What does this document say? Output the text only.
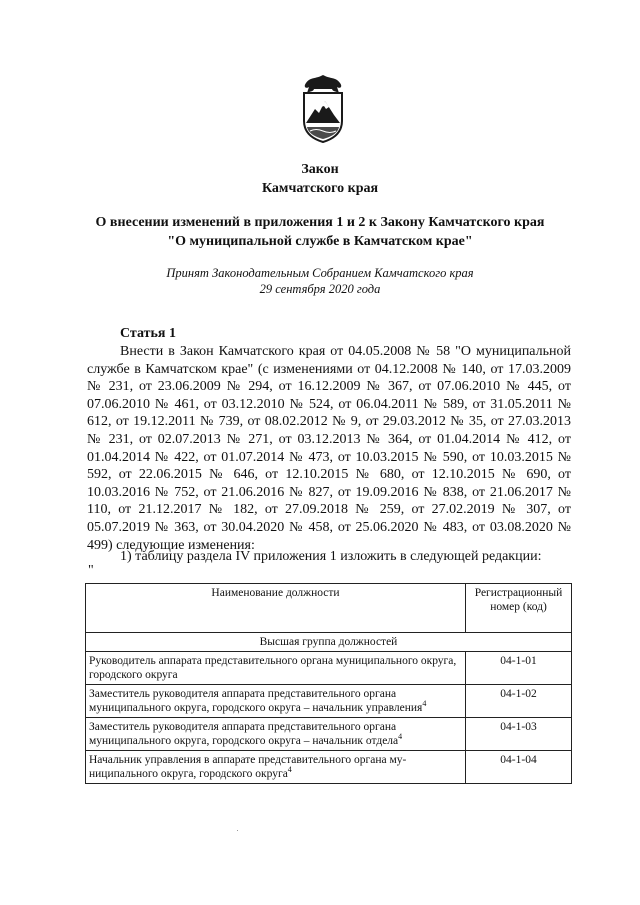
Закон
Камчатского края
О внесении изменений в приложения 1 и 2 к Закону Камчатского края
"О муниципальной службе в Камчатском крае"
Принят Законодательным Собранием Камчатского края
29 сентября 2020 года
Статья 1
Внести в Закон Камчатского края от 04.05.2008 № 58 "О муниципальной службе в Камчатском крае" (с изменениями от 04.12.2008 № 140, от 17.03.2009 № 231, от 23.06.2009 № 294, от 16.12.2009 № 367, от 07.06.2010 № 445, от 07.06.2010 № 461, от 03.12.2010 № 524, от 06.04.2011 № 589, от 31.05.2011 № 612, от 19.12.2011 № 739, от 08.02.2012 № 9, от 29.03.2012 № 35, от 27.03.2013 № 231, от 02.07.2013 № 271, от 03.12.2013 № 364, от 01.04.2014 № 412, от 01.04.2014 № 422, от 01.07.2014 № 473, от 10.03.2015 № 590, от 10.03.2015 № 592, от 22.06.2015 № 646, от 12.10.2015 № 680, от 12.10.2015 № 690, от 10.03.2016 № 752, от 21.06.2016 № 827, от 19.09.2016 № 838, от 21.06.2017 № 110, от 21.12.2017 № 182, от 27.09.2018 № 259, от 27.02.2019 № 307, от 05.07.2019 № 363, от 30.04.2020 № 458, от 25.06.2020 № 483, от 03.08.2020 № 499) следующие изменения:
1) таблицу раздела IV приложения 1 изложить в следующей редакции:
"
Наименование должности	Регистрационный номер (код)
Высшая группа должностей	
Руководитель аппарата представительного органа муниципального округа, городского округа	04-1-01
Заместитель руководителя аппарата представительного органа муниципального округа, городского округа – начальник управления$^4$	04-1-02
Заместитель руководителя аппарата представительного органа муниципального округа, городского округа – начальник отдела$^4$	04-1-03
Начальник управления в аппарате представительного органа муниципального округа, городского округа$^4$	04-1-04
